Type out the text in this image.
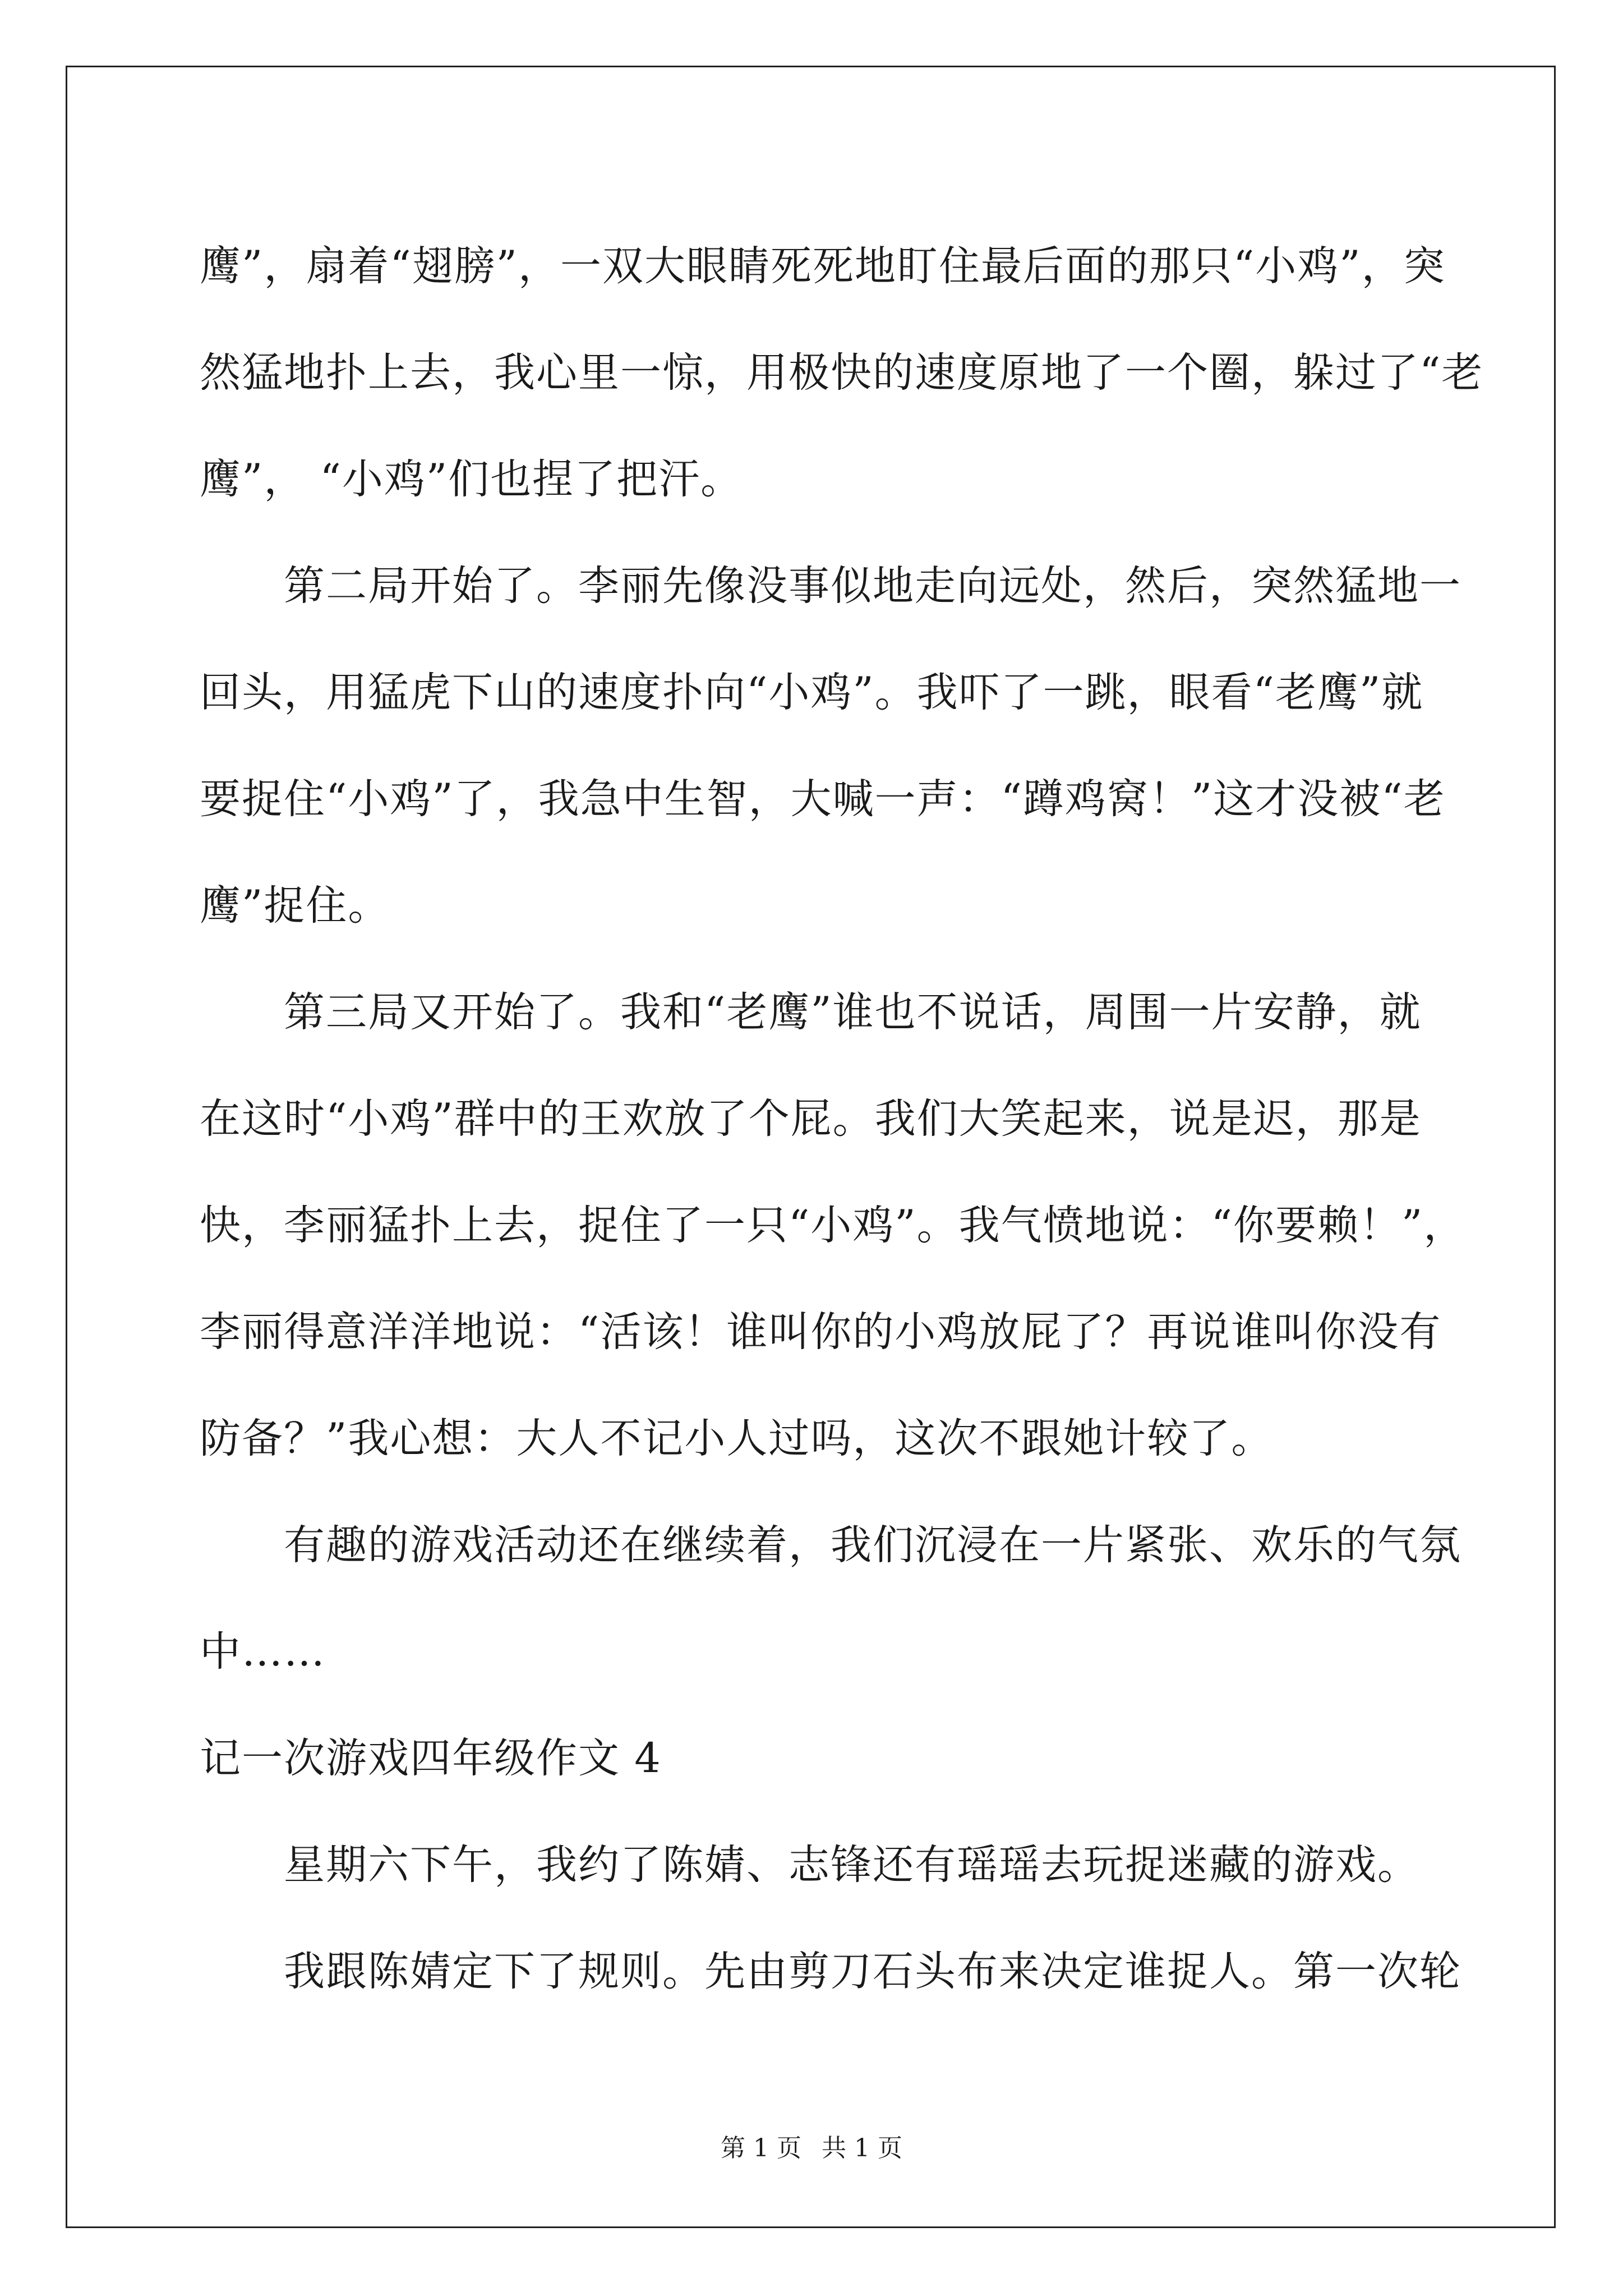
鹰”，扇着“翅膀”，一双大眼睛死死地盯住最后面的那只“小鸡”，突
然猛地扑上去，我心里一惊，用极快的速度原地了一个圈，躲过了“老
鹰”， “小鸡”们也捏了把汗。
第二局开始了。李丽先像没事似地走向远处，然后，突然猛地一
回头，用猛虎下山的速度扑向“小鸡”。我吓了一跳，眼看“老鹰”就
要捉住“小鸡”了，我急中生智，大喊一声：“蹲鸡窝！”这才没被“老
鹰”捉住。
第三局又开始了。我和“老鹰”谁也不说话，周围一片安静，就
在这时“小鸡”群中的王欢放了个屁。我们大笑起来，说是迟，那是
快，李丽猛扑上去，捉住了一只“小鸡”。我气愤地说：“你要赖！”，
李丽得意洋洋地说：“活该！谁叫你的小鸡放屁了？再说谁叫你没有
防备？”我心想：大人不记小人过吗，这次不跟她计较了。
有趣的游戏活动还在继续着，我们沉浸在一片紧张、欢乐的气氛
中……
记一次游戏四年级作文 4
星期六下午，我约了陈婧、志锋还有瑶瑶去玩捉迷藏的游戏。
我跟陈婧定下了规则。先由剪刀石头布来决定谁捉人。第一次轮
第 1 页 共 1 页
